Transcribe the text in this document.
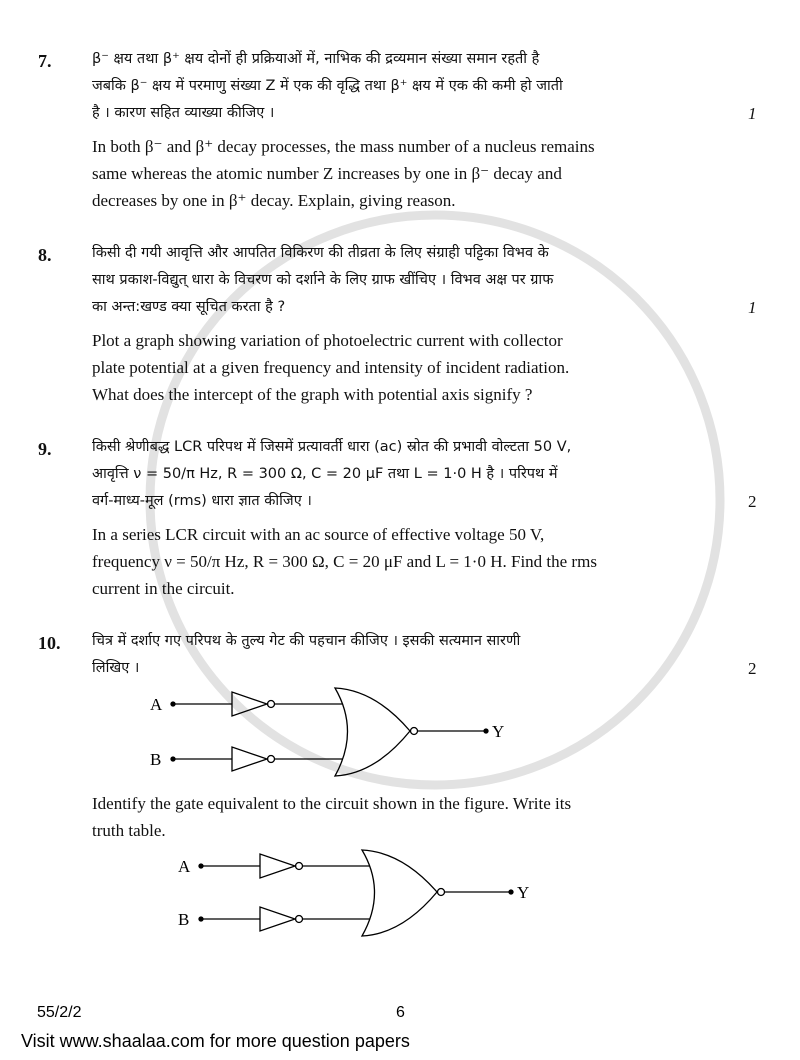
7.	β⁻ क्षय तथा β⁺ क्षय दोनों ही प्रक्रियाओं में, नाभिक की द्रव्यमान संख्या समान रहती है
जबकि β⁻ क्षय में परमाणु संख्या Z में एक की वृद्धि तथा β⁺ क्षय में एक की कमी हो जाती
है । कारण सहित व्याख्या कीजिए ।	1
In both β⁻ and β⁺ decay processes, the mass number of a nucleus remains
same whereas the atomic number Z increases by one in β⁻ decay and
decreases by one in β⁺ decay. Explain, giving reason.
8.	किसी दी गयी आवृत्ति और आपतित विकिरण की तीव्रता के लिए संग्राही पट्टिका विभव के
साथ प्रकाश-विद्युत् धारा के विचरण को दर्शाने के लिए ग्राफ खींचिए । विभव अक्ष पर ग्राफ
का अन्त:खण्ड क्या सूचित करता है ?	1
Plot a graph showing variation of photoelectric current with collector
plate potential at a given frequency and intensity of incident radiation.
What does the intercept of the graph with potential axis signify ?
9.	किसी श्रेणीबद्ध LCR परिपथ में जिसमें प्रत्यावर्ती धारा (ac) स्रोत की प्रभावी वोल्टता 50 V,
आवृत्ति ν = 50/π Hz, R = 300 Ω, C = 20 μF तथा L = 1·0 H है । परिपथ में
वर्ग-माध्य-मूल (rms) धारा ज्ञात कीजिए ।	2
In a series LCR circuit with an ac source of effective voltage 50 V,
frequency ν = 50/π Hz, R = 300 Ω, C = 20 μF and L = 1·0 H. Find the rms
current in the circuit.
10. चित्र में दर्शाए गए परिपथ के तुल्य गेट की पहचान कीजिए । इसकी सत्यमान सारणी
लिखिए ।	2
A
B
Y
Identify the gate equivalent to the circuit shown in the figure. Write its
truth table.
A
B
Y
55/2/2	6
Visit www.shaalaa.com for more question papers
